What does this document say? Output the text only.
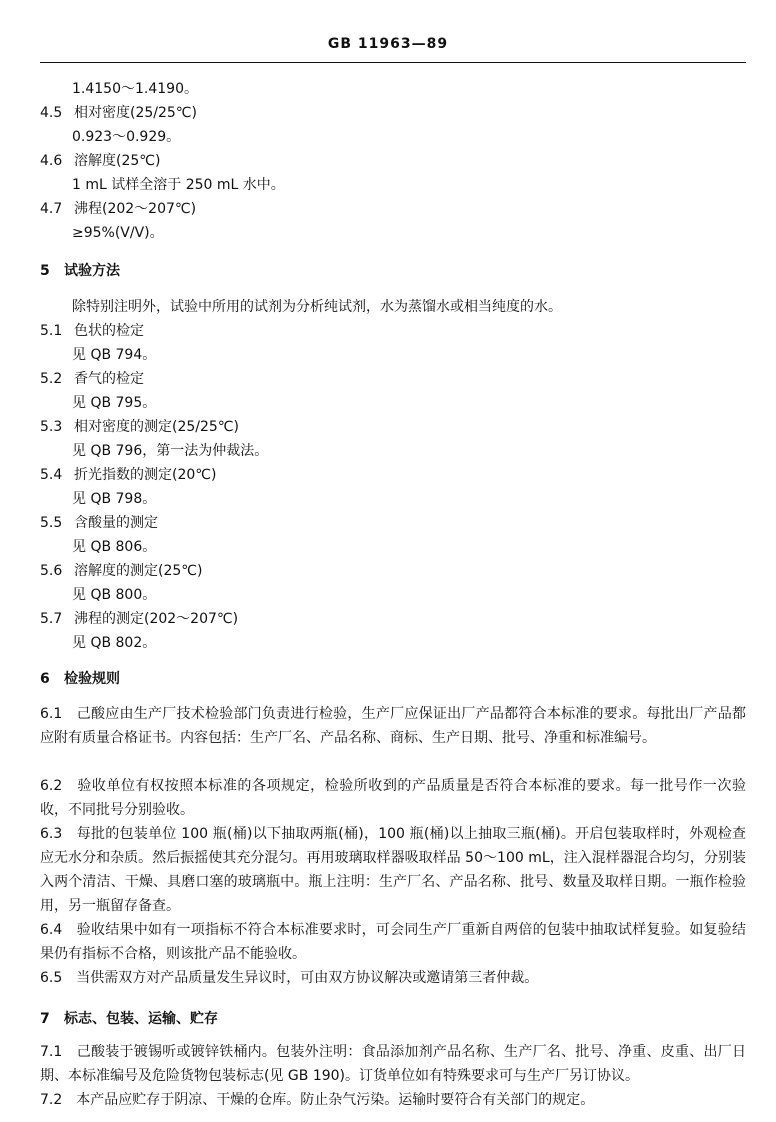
GB 11963—89
1.4150～1.4190。
4.5 相对密度(25/25℃)
0.923～0.929。
4.6 溶解度(25℃)
1 mL 试样全溶于 250 mL 水中。
4.7 沸程(202～207℃)
≥95%(V/V)。
5 试验方法
除特别注明外，试验中所用的试剂为分析纯试剂，水为蒸馏水或相当纯度的水。
5.1 色状的检定
见 QB 794。
5.2 香气的检定
见 QB 795。
5.3 相对密度的测定(25/25℃)
见 QB 796，第一法为仲裁法。
5.4 折光指数的测定(20℃)
见 QB 798。
5.5 含酸量的测定
见 QB 806。
5.6 溶解度的测定(25℃)
见 QB 800。
5.7 沸程的测定(202～207℃)
见 QB 802。
6 检验规则
6.1　己酸应由生产厂技术检验部门负责进行检验，生产厂应保证出厂产品都符合本标准的要求。每批出厂产品都应附有质量合格证书。内容包括：生产厂名、产品名称、商标、生产日期、批号、净重和标准编号。
6.2　验收单位有权按照本标准的各项规定，检验所收到的产品质量是否符合本标准的要求。每一批号作一次验收，不同批号分别验收。
6.3　每批的包装单位 100 瓶(桶)以下抽取两瓶(桶)，100 瓶(桶)以上抽取三瓶(桶)。开启包装取样时，外观检查应无水分和杂质。然后振摇使其充分混匀。再用玻璃取样器吸取样品 50～100 mL，注入混样器混合均匀，分别装入两个清洁、干燥、具磨口塞的玻璃瓶中。瓶上注明：生产厂名、产品名称、批号、数量及取样日期。一瓶作检验用，另一瓶留存备查。
6.4　验收结果中如有一项指标不符合本标准要求时，可会同生产厂重新自两倍的包装中抽取试样复验。如复验结果仍有指标不合格，则该批产品不能验收。
6.5　当供需双方对产品质量发生异议时，可由双方协议解决或邀请第三者仲裁。
7 标志、包装、运输、贮存
7.1　己酸装于镀锡听或镀锌铁桶内。包装外注明：食品添加剂产品名称、生产厂名、批号、净重、皮重、出厂日期、本标准编号及危险货物包装标志(见 GB 190)。订货单位如有特殊要求可与生产厂另订协议。
7.2　本产品应贮存于阴凉、干燥的仓库。防止杂气污染。运输时要符合有关部门的规定。
